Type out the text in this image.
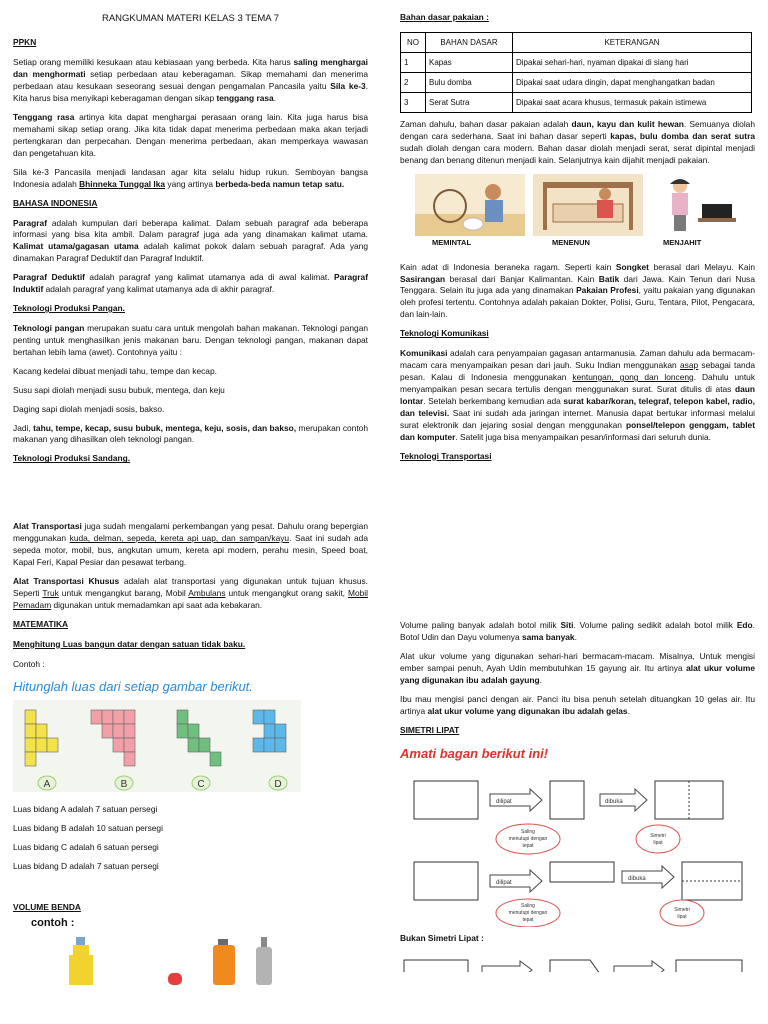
RANGKUMAN MATERI KELAS 3 TEMA 7
PPKN

Setiap orang memiliki kesukaan atau kebiasaan yang berbeda. Kita harus saling menghargai dan menghormati setiap perbedaan atau keberagaman. Sikap memahami dan menerima perbedaan atau kesukaan seseorang sesuai dengan pengamalan Pancasila yaitu Sila ke-3. Kita harus bisa menyikapi keberagaman dengan sikap tenggang rasa.

Tenggang rasa artinya kita dapat menghargai perasaan orang lain. Kita juga harus bisa memahami sikap setiap orang. Jika kita tidak dapat menerima perbedaan maka akan terjadi pertengkaran dan perpecahan. Dengan menerima perbedaan, akan memperkaya wawasan dan pengetahuan kita.

Sila ke-3 Pancasila menjadi landasan agar kita selalu hidup rukun. Semboyan bangsa Indonesia adalah Bhinneka Tunggal Ika yang artinya berbeda-beda namun tetap satu.

BAHASA INDONESIA

Paragraf adalah kumpulan dari beberapa kalimat. Dalam sebuah paragraf ada beberapa informasi yang bisa kita ambil. Dalam paragraf juga ada yang dinamakan kalimat utama. Kalimat utama/gagasan utama adalah kalimat pokok dalam sebuah paragraf. Ada yang dinamakan Paragraf Deduktif dan Paragraf Induktif.

Paragraf Deduktif adalah paragraf yang kalimat utamanya ada di awal kalimat. Paragraf Induktif adalah paragraf yang kalimat utamanya ada di akhir paragraf.

Teknologi Produksi Pangan.

Teknologi pangan merupakan suatu cara untuk mengolah bahan makanan. Teknologi pangan penting untuk menghasilkan jenis makanan baru. Dengan teknologi pangan, makanan dapat bertahan lebih lama (awet). Contohnya yaitu :

Kacang kedelai dibuat menjadi tahu, tempe dan kecap.

Susu sapi diolah menjadi susu bubuk, mentega, dan keju

Daging sapi diolah menjadi sosis, bakso.

Jadi, tahu, tempe, kecap, susu bubuk, mentega, keju, sosis, dan bakso, merupakan contoh makanan yang dihasilkan oleh teknologi pangan.

Teknologi Produksi Sandang.

Alat Transportasi juga sudah mengalami perkembangan yang pesat. Dahulu orang bepergian menggunakan kuda, delman, sepeda, kereta api uap, dan sampan/kayu. Saat ini sudah ada sepeda motor, mobil, bus, angkutan umum, kereta api modern, perahu mesin, Speed boat, Kapal Feri, Kapal Pesiar dan pesawat terbang.

Alat Transportasi Khusus adalah alat transportasi yang digunakan untuk tujuan khusus. Seperti Truk untuk mengangkut barang, Mobil Ambulans untuk mengangkut orang sakit, Mobil Pemadam digunakan untuk memadamkan api saat ada kebakaran.

MATEMATIKA
Menghitung Luas bangun datar dengan satuan tidak baku.

Contoh :

Hitunglah luas dari setiap gambar berikut.
A	B	C	D

Luas bidang A adalah 7 satuan persegi

Luas bidang B adalah 10 satuan persegi

Luas bidang C adalah 6 satuan persegi

Luas bidang D adalah 7 satuan persegi

VOLUME BENDA
contoh :
Bahan dasar pakaian :
NO	BAHAN DASAR	KETERANGAN
1	Kapas	Dipakai sehari-hari, nyaman dipakai di siang hari
2	Bulu domba	Dipakai saat udara dingin, dapat menghangatkan badan
3	Serat Sutra	Dipakai saat acara khusus, termasuk pakain istimewa

Zaman dahulu, bahan dasar pakaian adalah daun, kayu dan kulit hewan. Semuanya diolah dengan cara sederhana. Saat ini bahan dasar seperti kapas, bulu domba dan serat sutra sudah diolah dengan cara modern. Bahan dasar diolah menjadi serat, serat dipintal menjadi benang dan benang ditenun menjadi kain. Selanjutnya kain dijahit menjadi pakaian.

MEMINTAL	MENENUN	MENJAHIT

Kain adat di Indonesia beraneka ragam. Seperti kain Songket berasal dari Melayu. Kain Sasirangan berasal dari Banjar Kalimantan. Kain Batik dari Jawa. Kain Tenun dari Nusa Tenggara. Selain itu juga ada yang dinamakan Pakaian Profesi, yaitu pakaian yang digunakan oleh profesi tertentu. Contohnya adalah pakaian Dokter, Polisi, Guru, Tentara, Pilot, Pengacara, dan lain-lain.

Teknologi Komunikasi

Komunikasi adalah cara penyampaian gagasan antarmanusia. Zaman dahulu ada bermacam-macam cara menyampaikan pesan dari jauh. Suku Indian menggunakan asap sebagai tanda pesan. Kalau di Indonesia menggunakan kentungan, gong dan lonceng. Dahulu untuk menyampaikan pesan secara tertulis dengan menggunakan surat. Surat ditulis di atas daun lontar. Setelah berkembang kemudian ada surat kabar/koran, telegraf, telepon kabel, radio, dan televisi. Saat ini sudah ada jaringan internet. Manusia dapat bertukar informasi melalui surat elektronik dan jejaring sosial dengan menggunakan ponsel/telepon genggam, tablet dan komputer. Satelit juga bisa menyampaikan pesan/informasi dari seluruh dunia.

Teknologi Transportasi

Volume paling banyak adalah botol milik Siti. Volume paling sedikit adalah botol milik Edo. Botol Udin dan Dayu volumenya sama banyak.

Alat ukur volume yang digunakan sehari-hari bermacam-macam. Misalnya, Untuk mengisi ember sampai penuh, Ayah Udin membutuhkan 15 gayung air. Itu artinya alat ukur volume yang digunakan ibu adalah gayung.

Ibu mau mengisi panci dengan air. Panci itu bisa penuh setelah dituangkan 10 gelas air. Itu artinya alat ukur volume yang digunakan ibu adalah gelas.

SIMETRI LIPAT
Amati bagan berikut ini!
dilipat	dibuka
Saling
menutupi dengan
tepat
Simetri
lipat
dilipat
dibuka
Saling
menutupi dengan
tepat
Simetri
lipat

Bukan Simetri Lipat :
